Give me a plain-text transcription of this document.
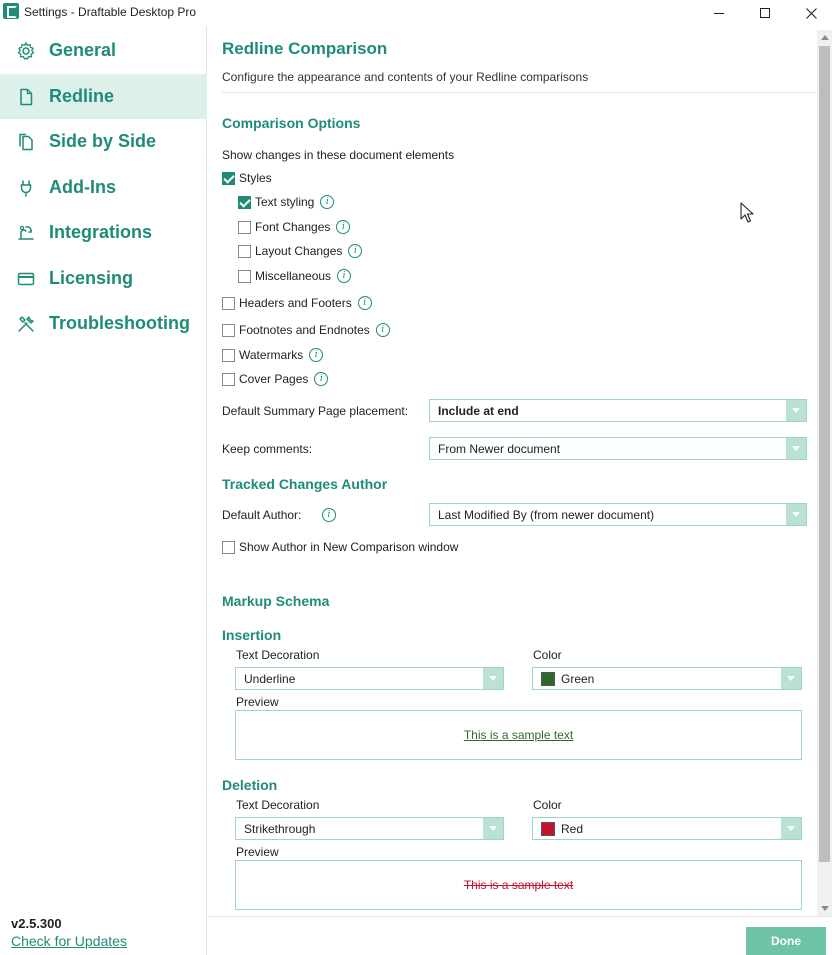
Settings - Draftable Desktop Pro
General
Redline
Side by Side
Add-Ins
Integrations
Licensing
Troubleshooting
v2.5.300
Check for Updates
Redline Comparison
Configure the appearance and contents of your Redline comparisons
Comparison Options
Show changes in these document elements
Styles
Text styling	i
Font Changes	i
Layout Changes	i
Miscellaneous	i
Headers and Footers	i
Footnotes and Endnotes	i
Watermarks	i
Cover Pages	i
Default Summary Page placement:	Include at end
Keep comments:	From Newer document
Tracked Changes Author
Default Author:	i	Last Modified By (from newer document)
Show Author in New Comparison window
Markup Schema
Insertion
Text Decoration	Color
Underline	Green
Preview
This is a sample text
Deletion
Text Decoration	Color
Strikethrough	Red
Preview
This is a sample text
Done
